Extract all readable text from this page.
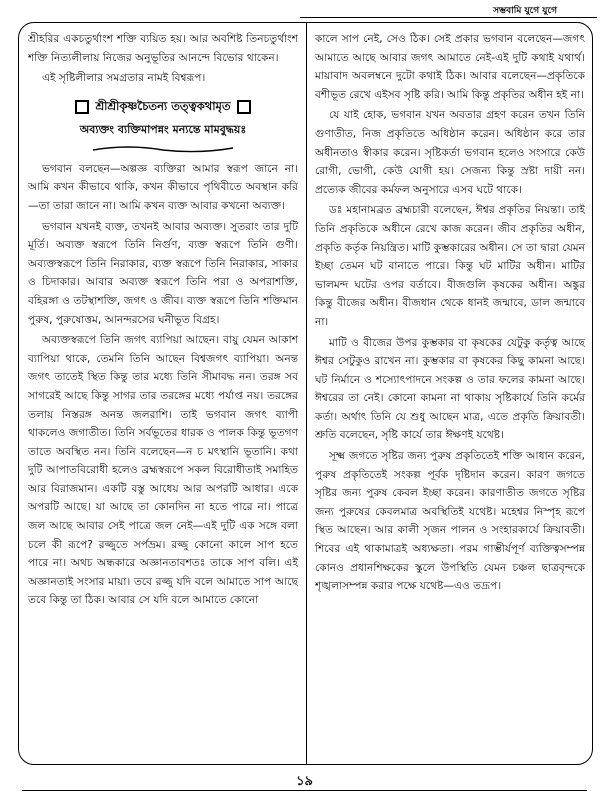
সম্ভবামি যুগে যুগে

শ্রীহরির একচতুর্থাংশ শক্তি ব্যয়িত হয়। আর অবশিষ্ট তিনচতুর্থাংশ শক্তি নিত্যলীলায় নিজের অনুভূতির আনন্দে বিভোর থাকেন।

এই সৃষ্টিলীলার সমগ্রতার নামই বিশ্বরূপ।

শ্রীশ্রীকৃষ্ণচৈতন্য তত্ত্বকথামৃত
অব্যক্তং ব্যক্তিমাপন্নং মন্যন্তে মামবুদ্ধয়ঃ

ভগবান বলছেন—অল্পজ্ঞ ব্যক্তিরা আমার স্বরূপ জানে না। আমি কখন কীভাবে থাকি, কখন কীভাবে পৃথিবীতে অবস্থান করি—তা তারা জানে না। আমি কখন ব্যক্ত আবার কখনো অব্যক্ত।

ভগবান যখনই ব্যক্ত, তখনই আবার অব্যক্ত। সুতরাং তার দুটি মূর্তি। অব্যক্ত স্বরূপে তিনি নির্গুণ, ব্যক্ত স্বরূপে তিনি গুণী। অব্যক্তস্বরূপে তিনি নিরাকার, ব্যক্ত স্বরূপে তিনি নিরাকার, সাকার ও চিদাকার। আবার অব্যক্ত স্বরূপে তিনি পরা ও অপরাশক্তি, বহিরঙ্গা ও তটস্থাশক্তি, জগৎ ও জীব। ব্যক্ত স্বরূপে তিনি শক্তিমান পুরুষ, পুরুষোত্তম, আনন্দরসের ঘনীভূত বিগ্রহ।

অব্যক্তস্বরূপে তিনি জগৎ ব্যাপিয়া আছেন। বায়ু যেমন আকাশ ব্যাপিয়া থাকে, তেমনি তিনি আছেন বিশ্বজগৎ ব্যাপিয়া। অনন্ত জগৎ তাতেই স্থিত কিন্তু তার মধ্যে তিনি সীমাবদ্ধ নন। তরঙ্গ সব সাগরেই আছে কিন্তু সাগর তার তরঙ্গের মধ্যে পর্যাপ্ত নয়। তরঙ্গের তলায় নিস্তরঙ্গ অনন্ত জলরাশি। তাই ভগবান জগৎ ব্যাপী থাকলেও জগাতীত। তিনি সর্বভূতের ধারক ও পালক কিন্তু ভূতগণ তাতে অবস্থিত নন। তিনি বলেছেন—ন চ মৎস্থানি ভূতানি। কথা দুটি আপাতবিরোধী হলেও ব্রহ্মস্বরূপে সকল বিরোধীতাই সমাহিত আর বিরাজমান। একটি বস্তু আধেয় আর অপরটি আধার। একে অপরটি আছে। যা আছে তা কোনদিন না হতে পারে না। পাত্রে জল আছে আবার সেই পাত্রে জল নেই—এই দুটি এক সঙ্গে বলা চলে কী রূপে? রজ্জুতে সর্পভ্রম। রজ্জু কোনো কালে সাপ হতে পারে না। অথচ অন্ধকারে অজ্ঞানতাবশতঃ তাকে সাপ বলি। এই অজ্ঞানতাই সংসার মায়া। তবে রজ্জু যদি বলে আমাতে সাপ আছে তবে কিন্তু তা ঠিক। আবার সে যদি বলে আমাতে কোনো

কালে সাপ নেই, সেও ঠিক। সেই প্রকার ভগবান বলেছেন—জগৎ আমাতে আছে আবার জগৎ আমাতে নেই-এই দুটি কথাই যথার্থ। মায়াবাদ অবলম্বনে দুটো কথাই ঠিক। আবার বলেছেন—প্রকৃতিকে বশীভূত রেখে এইসব সৃষ্টি করি। আমি কিন্তু প্রকৃতির অধীন হই না।

যে যাই হোক, ভগবান যখন অবতার গ্রহণ করেন তখন তিনি গুণাতীত, নিজ প্রকৃতিতে অধিষ্ঠান করেন। অধিষ্ঠান করে তার অধীনতাও স্বীকার করেন। সৃষ্টিকর্তা ভগবান হলেও সংসারে কেউ রোগী, ভোগী, কেউ যোগী হয়। সেজন্য কিন্তু স্রষ্টা দায়ী নন। প্রত্যেক জীবের কর্মফল অনুসারে এসব ঘটে থাকে।

ডঃ মহানামব্রত ব্রহ্মচারী বলেছেন, ঈশ্বর প্রকৃতির নিয়ন্তা। তাই তিনি প্রকৃতিকে অধীনে রেখে কাজ করেন। জীব প্রকৃতির অধীন, প্রকৃতি কর্তৃক নিয়ন্ত্রিত। মাটি কুম্ভকারের অধীন। সে তা দ্বারা যেমন ইচ্ছা তেমন ঘট বানাতে পারে। কিন্তু ঘট মাটির অধীন। মাটির ভালমন্দ ঘটের ওপর বর্তাবে। বীজগুলি কৃষকের অধীন। অঙ্কুর কিন্তু বীজের অধীন। বীজধান থেকে ধানই জন্মাবে, ডাল জন্মাবে না।

মাটি ও বীজের উপর কুম্ভকার বা কৃষকের যেটুকু কর্তৃত্ব আছে ঈশ্বর সেটুকুও রাখেন না। কুম্ভকার বা কৃষকের কিছু কামনা আছে। ঘট নির্মানে ও শস্যোৎপাদনে সংকল্প ও তার ফলের কামনা আছে। ঈশ্বরের তা নেই। কোনো কামনা না থাকায় সৃষ্টিকার্যে তিনি কর্মের কর্তা। অর্থাৎ তিনি যে শুধু আছেন মাত্র, এতে প্রকৃতি ক্রিয়াবতী। শ্রুতি বলেছেন, সৃষ্টি কার্যে তার ঈক্ষণই যথেষ্ট।

সূক্ষ্ম জগতে সৃষ্টির জন্য পুরুষ প্রকৃতিতেই শক্তি আধান করেন, পুরুষ প্রকৃতিতেই সংকল্প পূর্বক দৃষ্টিদান করেন। কারণ জগতে সৃষ্টির জন্য পুরুষ কেবল ইচ্ছা করেন। কারণাতীত জগতে সৃষ্টির জন্য পুরুষের কেবলমাত্র অবস্থিতিই যথেষ্ট। মহেশ্বর নিস্পৃহ রূপে স্থিত আছেন। আর কালী সৃজন পালন ও সংহারকার্যে ক্রিয়াবতী। শিবের এই থাকামাত্রই অধ্যক্ষতা। পরম গাম্ভীর্যপূর্ণ ব্যক্তিত্বসম্পন্ন কোনও প্রধানশিক্ষকের স্কুলে উপস্থিতি যেমন চঞ্চল ছাত্রবৃন্দকে শৃঙ্খলাসম্পন্ন করার পক্ষে যথেষ্ট—এও তদ্রূপ।

১৯
